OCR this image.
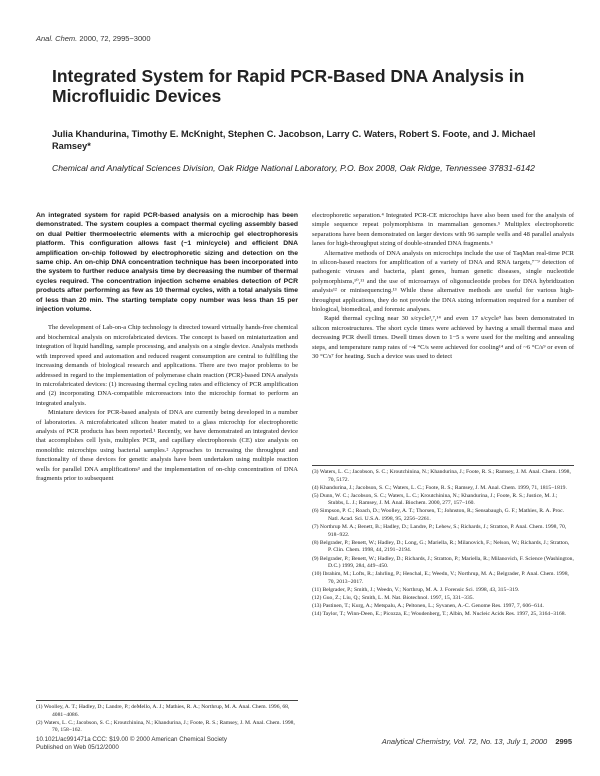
Anal. Chem. 2000, 72, 2995−3000
Integrated System for Rapid PCR-Based DNA Analysis in Microfluidic Devices
Julia Khandurina, Timothy E. McKnight, Stephen C. Jacobson, Larry C. Waters, Robert S. Foote, and J. Michael Ramsey*
Chemical and Analytical Sciences Division, Oak Ridge National Laboratory, P.O. Box 2008, Oak Ridge, Tennessee 37831-6142

An integrated system for rapid PCR-based analysis on a microchip has been demonstrated. The system couples a compact thermal cycling assembly based on dual Peltier thermoelectric elements with a microchip gel electrophoresis platform. This configuration allows fast (~1 min/cycle) and efficient DNA amplification on-chip followed by electrophoretic sizing and detection on the same chip. An on-chip DNA concentration technique has been incorporated into the system to further reduce analysis time by decreasing the number of thermal cycles required. The concentration injection scheme enables detection of PCR products after performing as few as 10 thermal cycles, with a total analysis time of less than 20 min. The starting template copy number was less than 15 per injection volume.

The development of Lab-on-a Chip technology is directed toward virtually hands-free chemical and biochemical analysis on microfabricated devices. The concept is based on miniaturization and integration of liquid handling, sample processing, and analysis on a single device. Analysis methods with improved speed and automation and reduced reagent consumption are central to fulfilling the increasing demands of biological research and applications. There are two major problems to be addressed in regard to the implementation of polymerase chain reaction (PCR)-based DNA analysis in microfabricated devices: (1) increasing thermal cycling rates and efficiency of PCR amplification and (2) incorporating DNA-compatible microreactors into the microchip format to perform an integrated analysis.

Miniature devices for PCR-based analysis of DNA are currently being developed in a number of laboratories. A microfabricated silicon heater mated to a glass microchip for electrophoretic analysis of PCR products has been reported.¹ Recently, we have demonstrated an integrated device that accomplishes cell lysis, multiplex PCR, and capillary electrophoresis (CE) size analysis on monolithic microchips using bacterial samples.² Approaches to increasing the throughput and functionality of these devices for genetic analysis have been undertaken using multiple reaction wells for parallel DNA amplifications³ and the implementation of on-chip concentration of DNA fragments prior to subsequent

electrophoretic separation.⁴ Integrated PCR-CE microchips have also been used for the analysis of simple sequence repeat polymorphisms in mammalian genomes.⁵ Multiplex electrophoretic separations have been demonstrated on larger devices with 96 sample wells and 48 parallel analysis lanes for high-throughput sizing of double-stranded DNA fragments.⁶

Alternative methods of DNA analysis on microchips include the use of TaqMan real-time PCR in silicon-based reactors for amplification of a variety of DNA and RNA targets,⁷⁻⁹ detection of pathogenic viruses and bacteria, plant genes, human genetic diseases, single nucleotide polymorphisms,¹⁰,¹¹ and the use of microarrays of oligonucleotide probes for DNA hybridization analysis¹² or minisequencing.¹³ While these alternative methods are useful for various high-throughput applications, they do not provide the DNA sizing information required for a number of biological, biomedical, and forensic analyses.

Rapid thermal cycling near 30 s/cycle³,⁷,¹⁴ and even 17 s/cycle⁹ has been demonstrated in silicon microstructures. The short cycle times were achieved by having a small thermal mass and decreasing PCR dwell times. Dwell times down to 1−5 s were used for the melting and annealing steps, and temperature ramp rates of ~4 °C/s were achieved for cooling¹⁴ and of ~6 °C/s⁹ or even of 30 °C/s⁷ for heating. Such a device was used to detect

(1) Woolley, A. T.; Hadley, D.; Landre, P.; deMello, A. J.; Mathies, R. A.; Northrup, M. A. Anal. Chem. 1996, 68, 4081−4086.

(2) Waters, L. C.; Jacobson, S. C.; Kroutchinina, N.; Khandurina, J.; Foote, R. S.; Ramsey, J. M. Anal. Chem. 1998, 70, 158−162.

(3) Waters, L. C.; Jacobson, S. C.; Kroutchinina, N.; Khandurina, J.; Foote, R. S.; Ramsey, J. M. Anal. Chem. 1998, 70, 5172.

(4) Khandurina, J.; Jacobson, S. C.; Waters, L. C.; Foote, R. S.; Ramsey, J. M. Anal. Chem. 1999, 71, 1815−1819.

(5) Dunn, W. C.; Jacobson, S. C.; Waters, L. C.; Kroutchinina, N.; Khandurina, J.; Foote, R. S.; Justice, M. J.; Stubbs, L. J.; Ramsey, J. M. Anal. Biochem. 2000, 277, 157−160.

(6) Simpson, P. C.; Roach, D.; Woolley, A. T.; Thorsen, T.; Johnston, R.; Sensabaugh, G. F.; Mathies, R. A. Proc. Natl. Acad. Sci. U.S.A. 1998, 95, 2256−2261.

(7) Northrup M. A.; Benett, B.; Hadley, D.; Landre, P.; Lehew, S.; Richards, J.; Stratton, P. Anal. Chem. 1998, 70, 918−922.

(8) Belgrader, P.; Benett, W.; Hadley, D.; Long, G.; Mariella, R.; Milanovich, F.; Nelson, W.; Richards, J.; Stratton, P. Clin. Chem. 1998, 44, 2191−2194.

(9) Belgrader, P.; Benett, W.; Hadley, D.; Richards, J.; Stratton, P.; Mariella, R.; Milanovich, F. Science (Washington, D.C.) 1999, 284, 449−450.

(10) Ibrahim, M.; Lofts, R.; Jahrling, P.; Henchal, E.; Weedn, V.; Northrup, M. A.; Belgrader, P. Anal. Chem. 1998, 70, 2013−2017.

(11) Belgrader, P.; Smith, J.; Weedn, V.; Northrup, M. A. J. Forensic Sci. 1998, 43, 315−319.

(12) Guo, Z.; Liu, Q.; Smith, L. M. Nat. Biotechnol. 1997, 15, 331−335.

(13) Pastinen, T.; Kurg, A.; Metspalu, A.; Peltonen, L.; Syvanen, A.-C. Genome Res. 1997, 7, 606−614.

(14) Taylor, T.; Winn-Deen, E.; Picozza, E.; Woudenberg, T.; Albin, M. Nucleic Acids Res. 1997, 25, 3164−3168.

10.1021/ac991471a CCC: $19.00 © 2000 American Chemical Society
Published on Web 05/12/2000
Analytical Chemistry, Vol. 72, No. 13, July 1, 2000 2995
